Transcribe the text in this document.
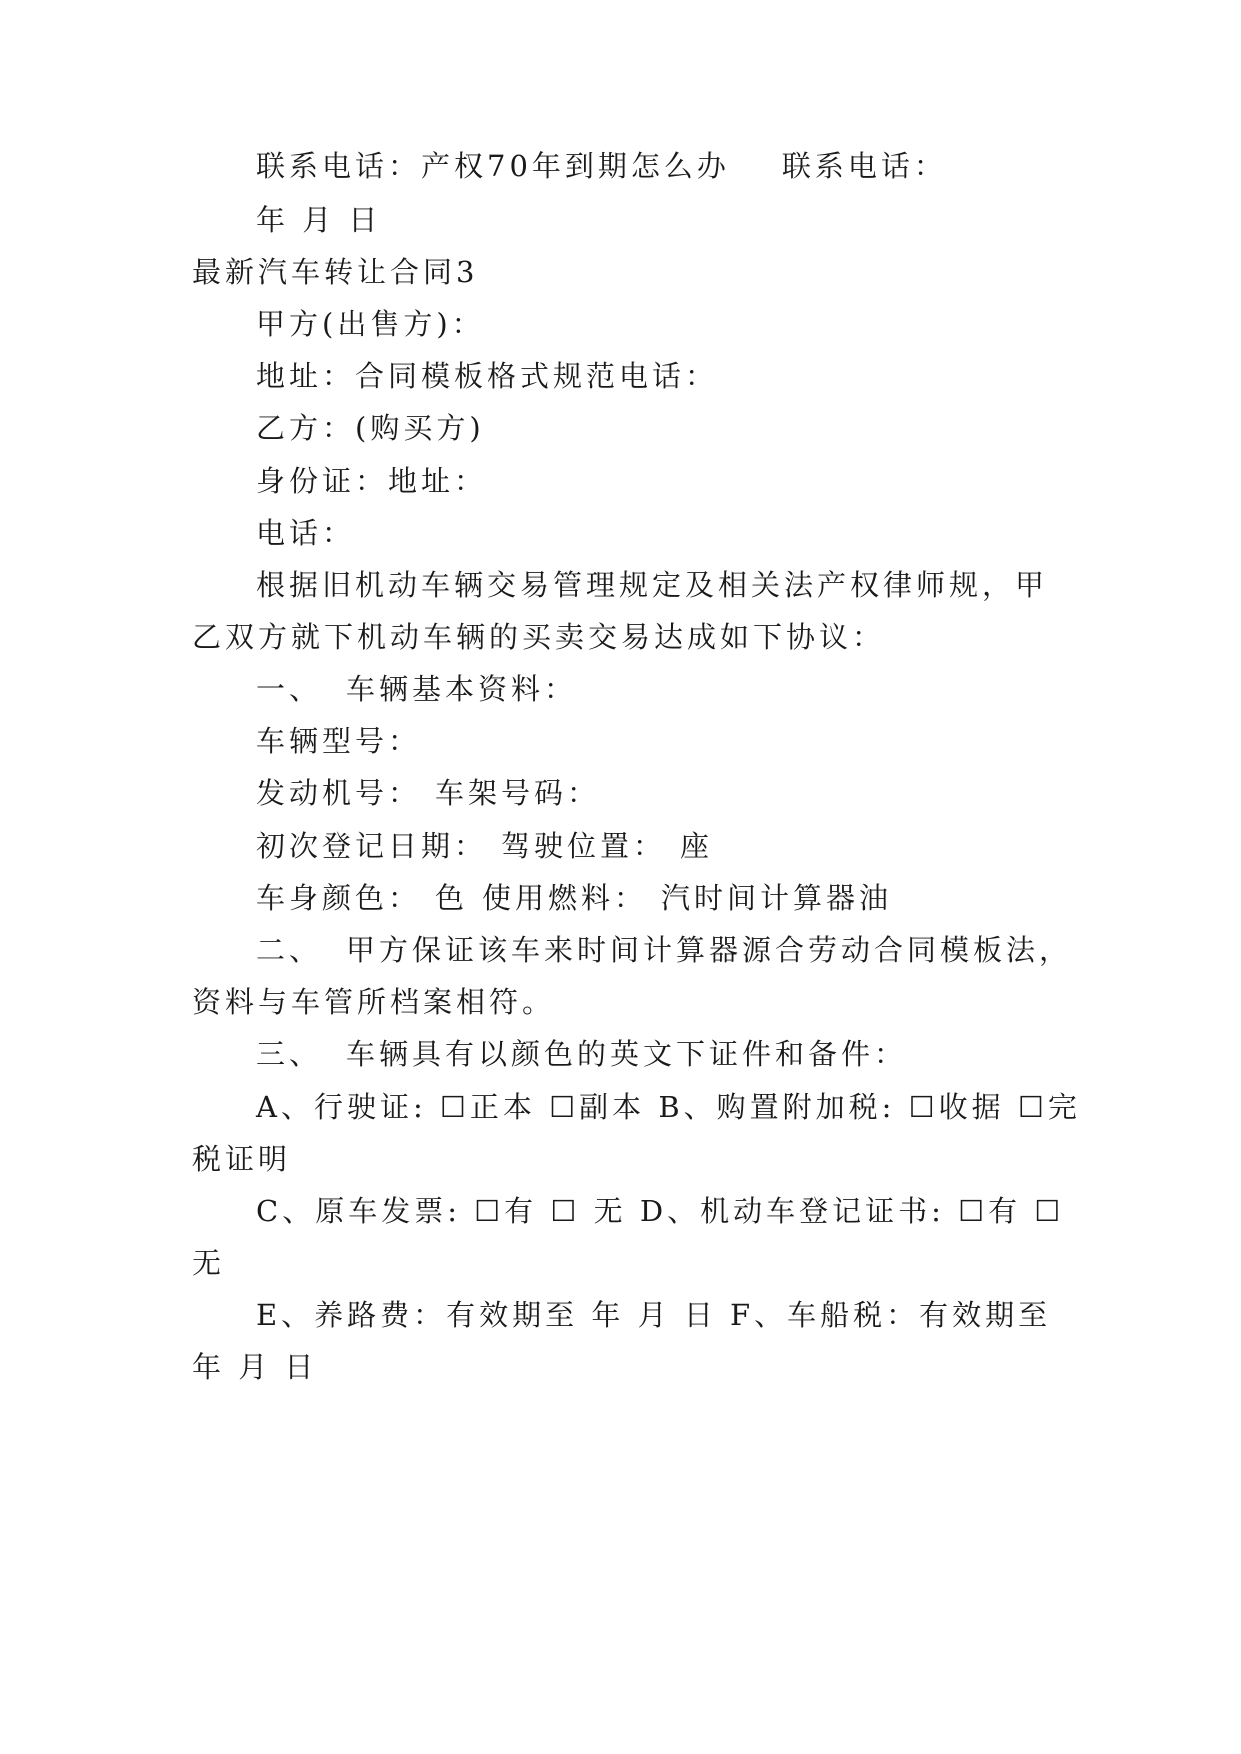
联系电话：产权70年到期怎么办 联系电话：
年 月 日
最新汽车转让合同3
甲方(出售方)：
地址：合同模板格式规范电话：
乙方：(购买方)
身份证：地址：
电话：
根据旧机动车辆交易管理规定及相关法产权律师规，甲
乙双方就下机动车辆的买卖交易达成如下协议：
一、 车辆基本资料：
车辆型号：
发动机号： 车架号码：
初次登记日期： 驾驶位置： 座
车身颜色： 色 使用燃料： 汽时间计算器油
二、 甲方保证该车来时间计算器源合劳动合同模板法，
资料与车管所档案相符。
三、 车辆具有以颜色的英文下证件和备件：
A、行驶证: ☐正本 ☐副本 B、购置附加税: ☐收据 ☐完
税证明
C、原车发票: ☐有 ☐ 无 D、机动车登记证书: ☐有 ☐
无
E、养路费：有效期至 年 月 日 F、车船税：有效期至
年 月 日
